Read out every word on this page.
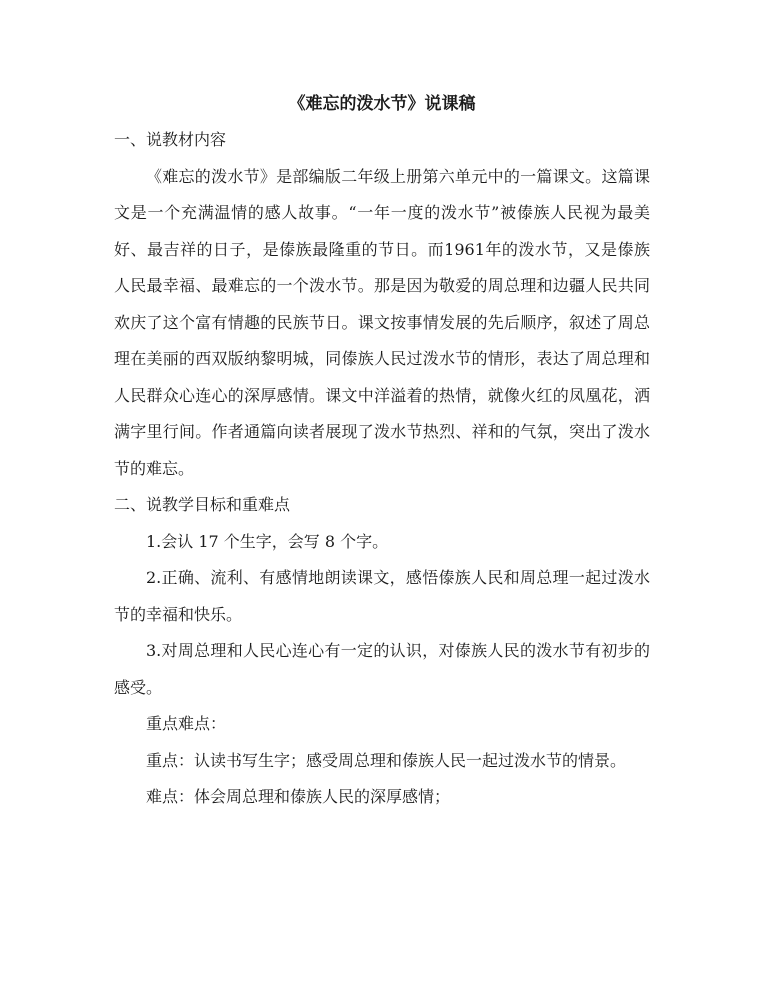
《难忘的泼水节》说课稿

一、说教材内容

《难忘的泼水节》是部编版二年级上册第六单元中的一篇课文。这篇课文是一个充满温情的感人故事。“一年一度的泼水节”被傣族人民视为最美好、最吉祥的日子，是傣族最隆重的节日。而1961年的泼水节，又是傣族人民最幸福、最难忘的一个泼水节。那是因为敬爱的周总理和边疆人民共同欢庆了这个富有情趣的民族节日。课文按事情发展的先后顺序，叙述了周总理在美丽的西双版纳黎明城，同傣族人民过泼水节的情形，表达了周总理和人民群众心连心的深厚感情。课文中洋溢着的热情，就像火红的凤凰花，洒满字里行间。作者通篇向读者展现了泼水节热烈、祥和的气氛，突出了泼水节的难忘。

二、说教学目标和重难点

1.会认 17 个生字，会写 8 个字。

2.正确、流利、有感情地朗读课文，感悟傣族人民和周总理一起过泼水节的幸福和快乐。

3.对周总理和人民心连心有一定的认识，对傣族人民的泼水节有初步的感受。

重点难点：

重点：认读书写生字；感受周总理和傣族人民一起过泼水节的情景。

难点：体会周总理和傣族人民的深厚感情；
